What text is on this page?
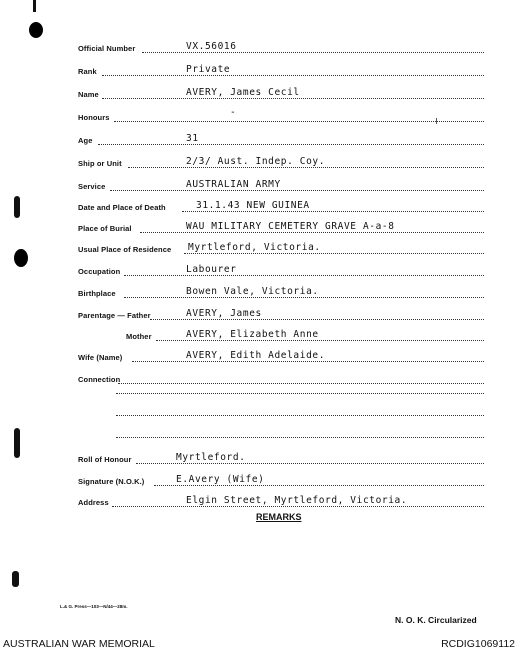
Official Number	VX.56016
Rank	Private
Name	AVERY, James Cecil
Honours	-
Age	31
Ship or Unit	2/3/ Aust. Indep. Coy.
Service	AUSTRALIAN ARMY
Date and Place of Death	31.1.43 NEW GUINEA
Place of Burial	WAU MILITARY CEMETERY GRAVE A-a-8
Usual Place of Residence Myrtleford, Victoria.
Occupation	Labourer
Birthplace	Bowen Vale, Victoria.
Parentage — Father	AVERY, James
Mother	AVERY, Elizabeth Anne
Wife (Name)	AVERY, Edith Adelaide.
Connection
Roll of Honour	Myrtleford.
Signature (N.O.K.)	E.Avery (Wife)
Address	Elgin Street, Myrtleford, Victoria.
REMARKS
L.& G. Press—103—N/44—28m.
N. O. K. Circularized
AUSTRALIAN WAR MEMORIAL	RCDIG1069112
